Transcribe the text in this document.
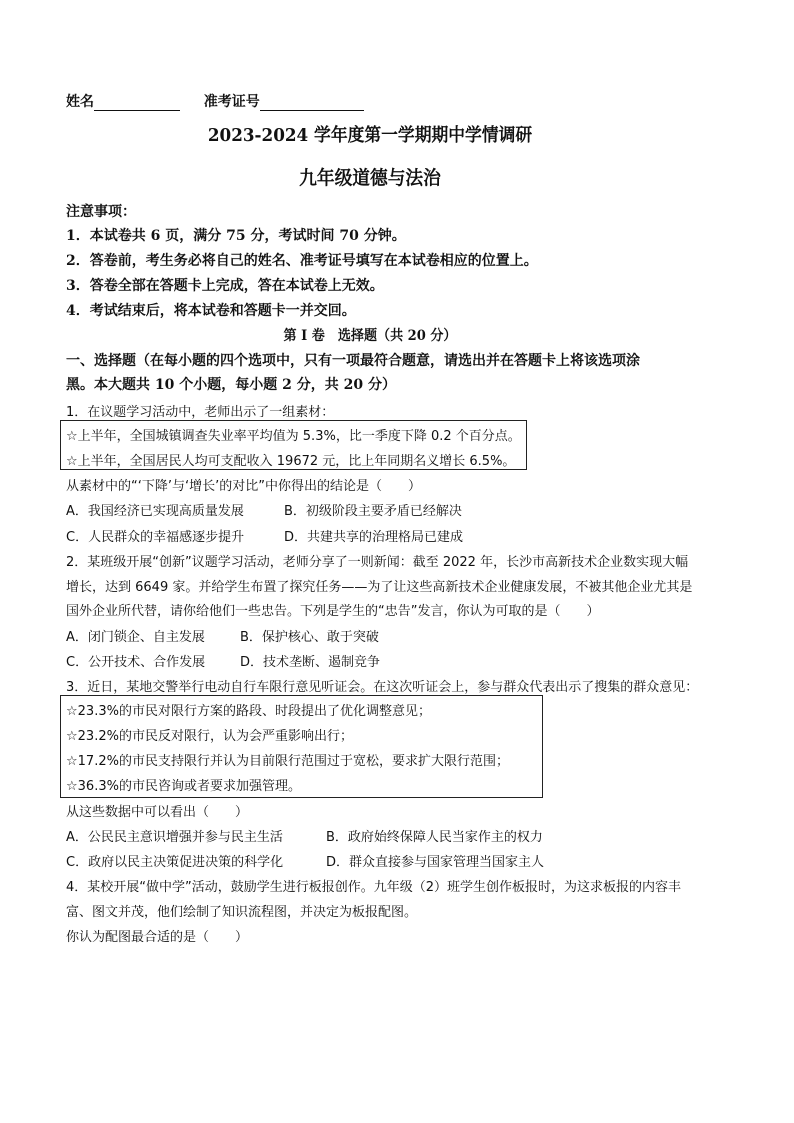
姓名	准考证号
2023-2024 学年度第一学期期中学情调研
九年级道德与法治
注意事项：
1．本试卷共 6 页，满分 75 分，考试时间 70 分钟。
2．答卷前，考生务必将自己的姓名、准考证号填写在本试卷相应的位置上。
3．答卷全部在答题卡上完成，答在本试卷上无效。
4．考试结束后，将本试卷和答题卡一并交回。
第 I 卷　选择题（共 20 分）
一、选择题（在每小题的四个选项中，只有一项最符合题意，请选出并在答题卡上将该选项涂
黑。本大题共 10 个小题，每小题 2 分，共 20 分）
1．在议题学习活动中，老师出示了一组素材：
☆上半年，全国城镇调查失业率平均值为 5.3%，比一季度下降 0.2 个百分点。
☆上半年，全国居民人均可支配收入 19672 元，比上年同期名义增长 6.5%。
从素材中的“‘下降’与‘增长’的对比”中你得出的结论是（　　）
A．我国经济已实现高质量发展	B．初级阶段主要矛盾已经解决
C．人民群众的幸福感逐步提升	D．共建共享的治理格局已建成
2．某班级开展“创新”议题学习活动，老师分享了一则新闻：截至 2022 年，长沙市高新技术企业数实现大幅
增长，达到 6649 家。并给学生布置了探究任务——为了让这些高新技术企业健康发展，不被其他企业尤其是
国外企业所代替，请你给他们一些忠告。下列是学生的“忠告”发言，你认为可取的是（　　）
A．闭门锁企、自主发展	B．保护核心、敢于突破
C．公开技术、合作发展	D．技术垄断、遏制竞争
3．近日，某地交警举行电动自行车限行意见听证会。在这次听证会上，参与群众代表出示了搜集的群众意见：
☆23.3%的市民对限行方案的路段、时段提出了优化调整意见；
☆23.2%的市民反对限行，认为会严重影响出行；
☆17.2%的市民支持限行并认为目前限行范围过于宽松，要求扩大限行范围；
☆36.3%的市民咨询或者要求加强管理。
从这些数据中可以看出（　　）
A．公民民主意识增强并参与民主生活	B．政府始终保障人民当家作主的权力
C．政府以民主决策促进决策的科学化	D．群众直接参与国家管理当国家主人
4．某校开展“做中学”活动，鼓励学生进行板报创作。九年级（2）班学生创作板报时，为这求板报的内容丰
富、图文并茂，他们绘制了知识流程图，并决定为板报配图。
你认为配图最合适的是（　　）
